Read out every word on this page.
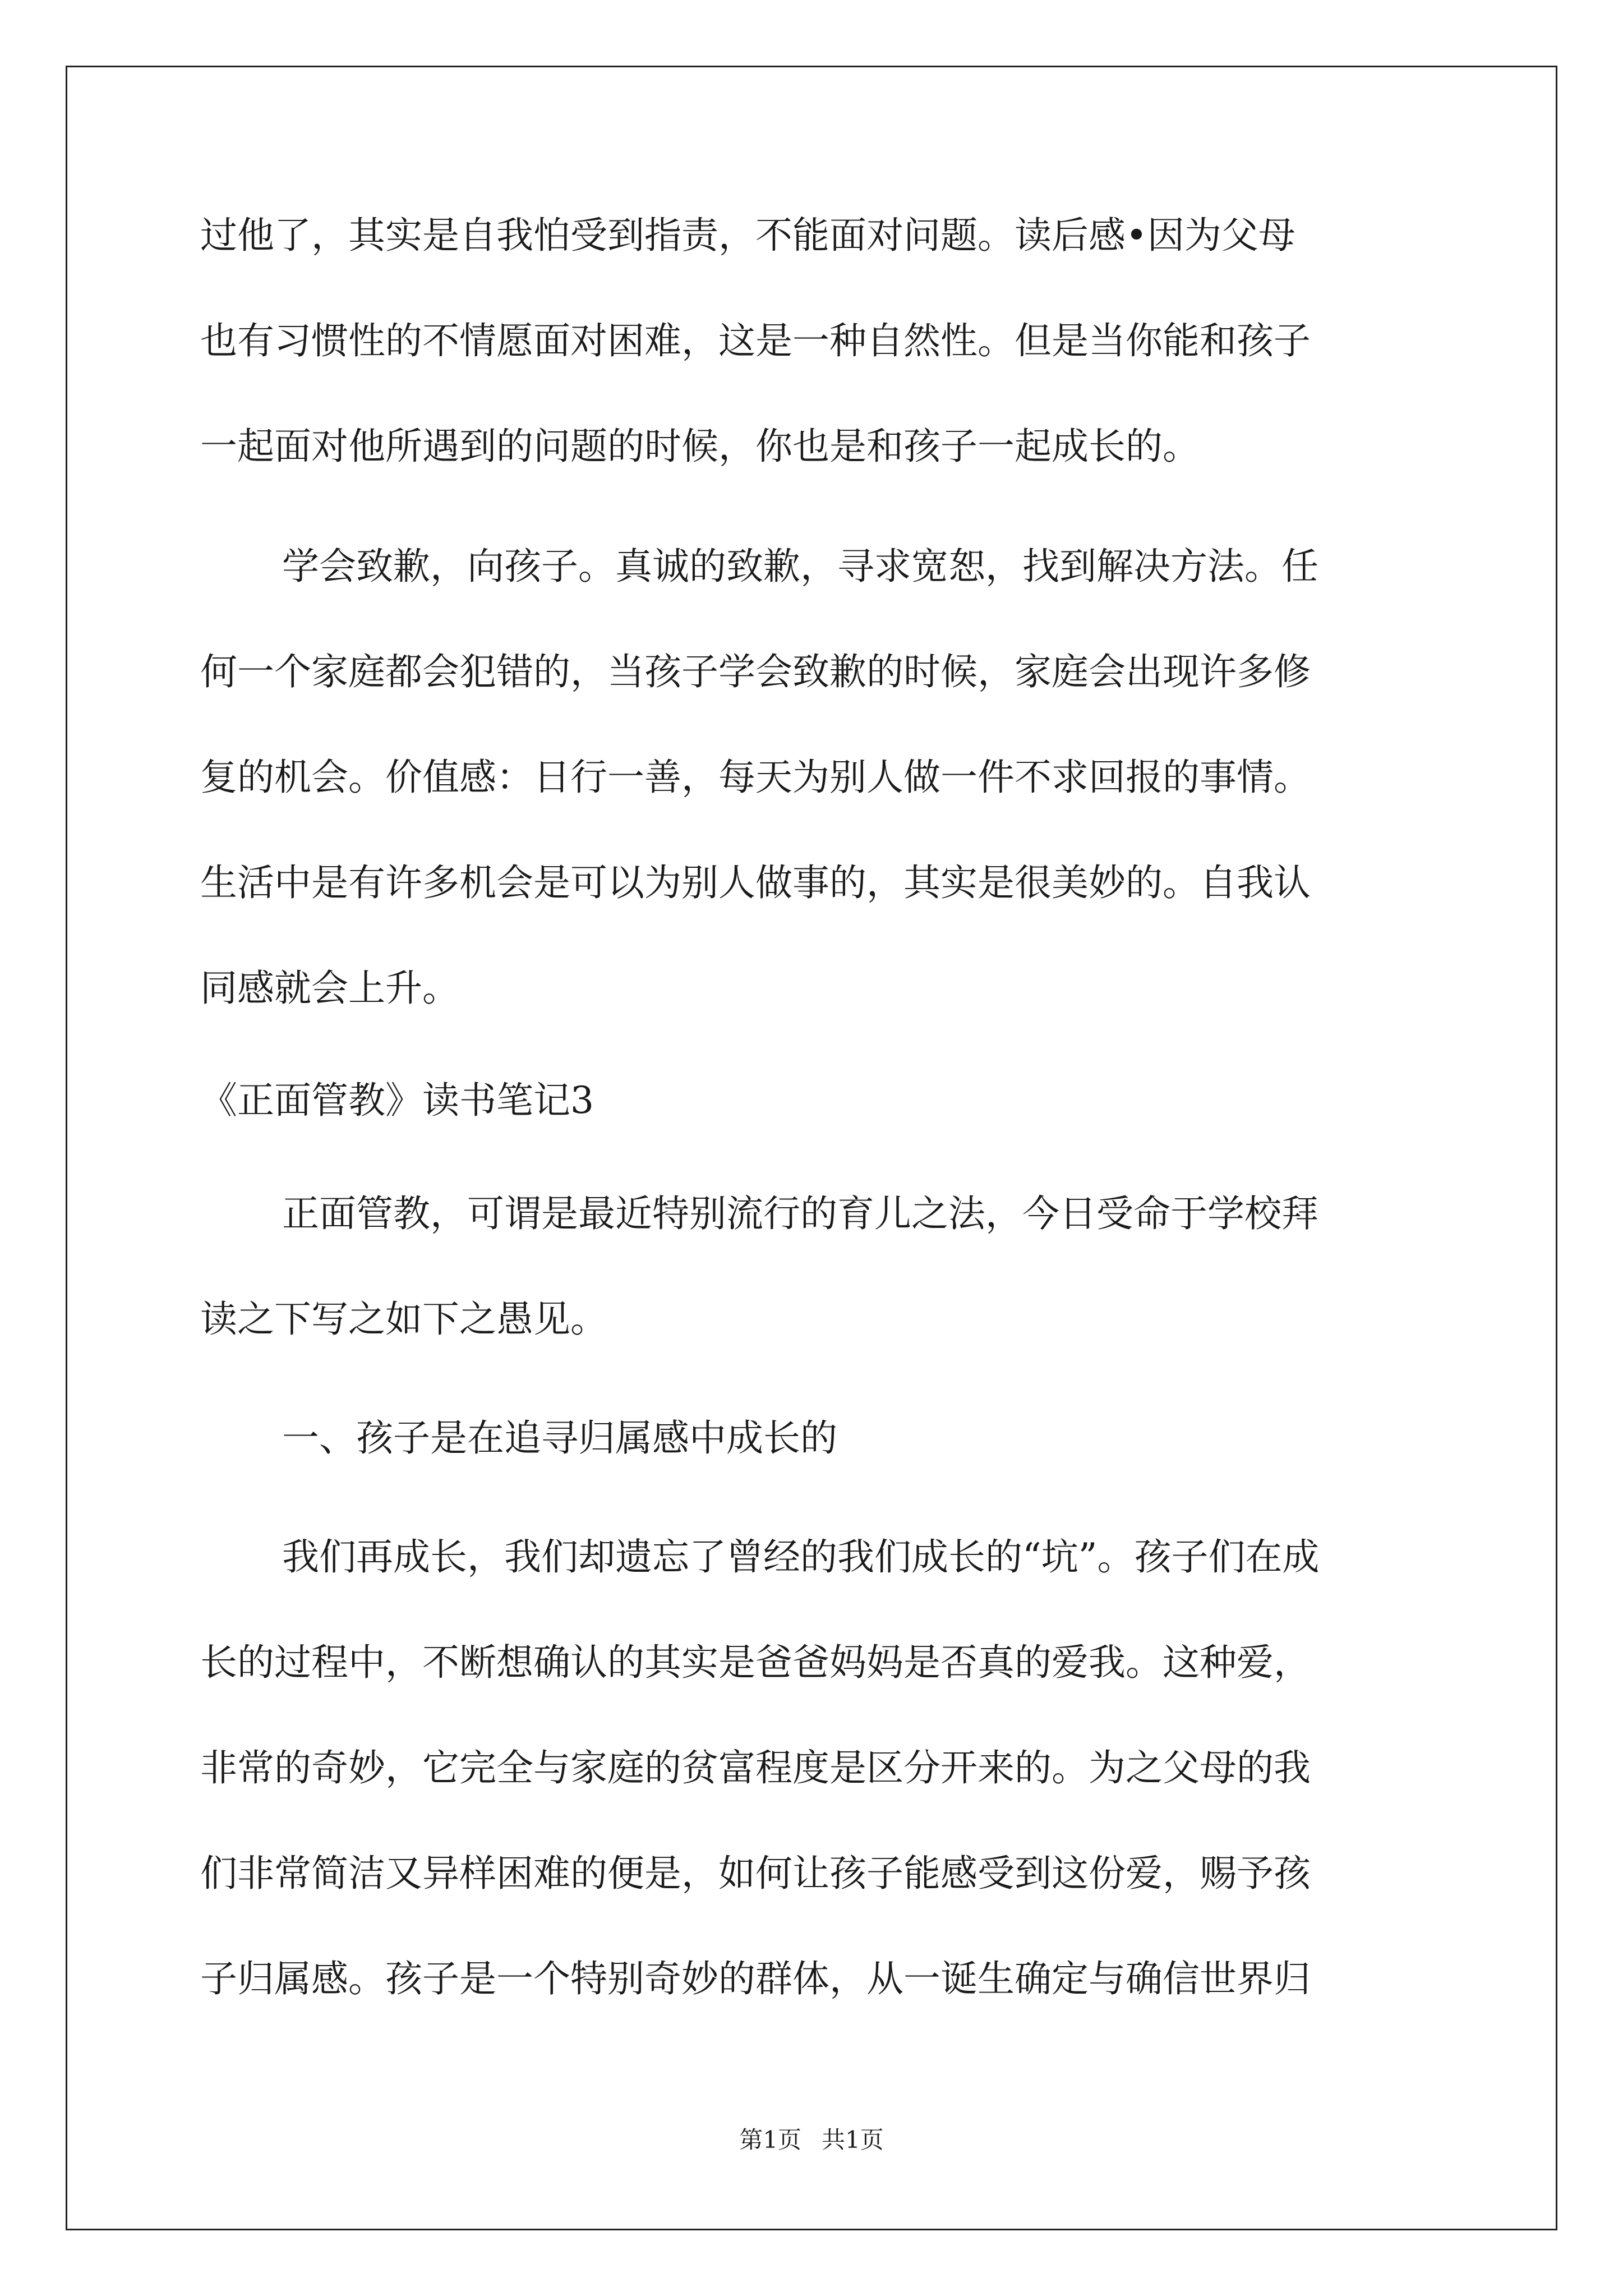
过他了，其实是自我怕受到指责，不能面对问题。读后感•因为父母
也有习惯性的不情愿面对困难，这是一种自然性。但是当你能和孩子
一起面对他所遇到的问题的时候，你也是和孩子一起成长的。
学会致歉，向孩子。真诚的致歉，寻求宽恕，找到解决方法。任
何一个家庭都会犯错的，当孩子学会致歉的时候，家庭会出现许多修
复的机会。价值感：日行一善，每天为别人做一件不求回报的事情。
生活中是有许多机会是可以为别人做事的，其实是很美妙的。自我认
同感就会上升。
《正面管教》读书笔记3
正面管教，可谓是最近特别流行的育儿之法，今日受命于学校拜
读之下写之如下之愚见。
一、孩子是在追寻归属感中成长的
我们再成长，我们却遗忘了曾经的我们成长的“坑”。孩子们在成
长的过程中，不断想确认的其实是爸爸妈妈是否真的爱我。这种爱，
非常的奇妙，它完全与家庭的贫富程度是区分开来的。为之父母的我
们非常简洁又异样困难的便是，如何让孩子能感受到这份爱，赐予孩
子归属感。孩子是一个特别奇妙的群体，从一诞生确定与确信世界归
第1页 共1页
